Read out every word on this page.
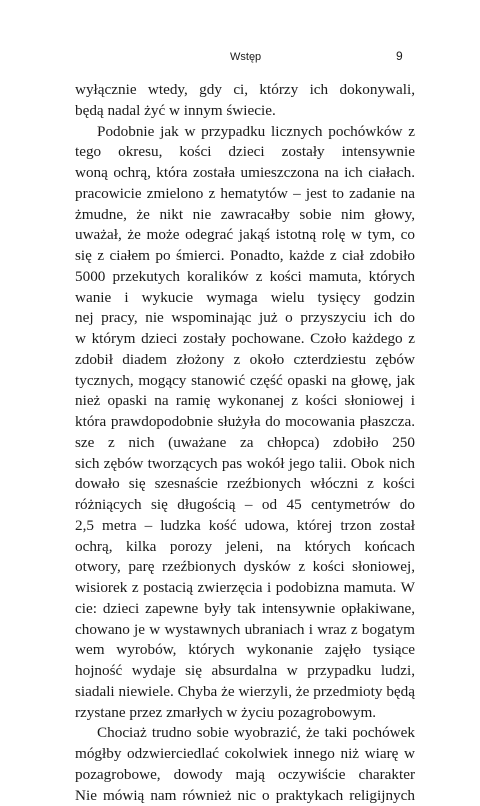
Wstęp	9
wyłącznie wtedy, gdy ci, którzy ich dokonywali,
będą nadal żyć w innym świecie.
Podobnie jak w przypadku licznych pochówków z
tego okresu, kości dzieci zostały intensywnie
woną ochrą, która została umieszczona na ich ciałach.
pracowicie zmielono z hematytów – jest to zadanie na
żmudne, że nikt nie zawracałby sobie nim głowy,
uważał, że może odegrać jakąś istotną rolę w tym, co
się z ciałem po śmierci. Ponadto, każde z ciał zdobiło
5000 przekutych koralików z kości mamuta, których
wanie i wykucie wymaga wielu tysięcy godzin
nej pracy, nie wspominając już o przyszyciu ich do
w którym dzieci zostały pochowane. Czoło każdego z
zdobił diadem złożony z około czterdziestu zębów
tycznych, mogący stanowić część opaski na głowę, jak
nież opaski na ramię wykonanej z kości słoniowej i
która prawdopodobnie służyła do mocowania płaszcza.
sze z nich (uważane za chłopca) zdobiło 250
sich zębów tworzących pas wokół jego talii. Obok nich
dowało się szesnaście rzeźbionych włóczni z kości
różniących się długością – od 45 centymetrów do
2,5 metra – ludzka kość udowa, której trzon został
ochrą, kilka porozy jeleni, na których końcach
otwory, parę rzeźbionych dysków z kości słoniowej,
wisiorek z postacią zwierzęcia i podobizna mamuta. W
cie: dzieci zapewne były tak intensywnie opłakiwane,
chowano je w wystawnych ubraniach i wraz z bogatym
wem wyrobów, których wykonanie zajęło tysiące
hojność wydaje się absurdalna w przypadku ludzi,
siadali niewiele. Chyba że wierzyli, że przedmioty będą
rzystane przez zmarłych w życiu pozagrobowym.
Chociaż trudno sobie wyobrazić, że taki pochówek
mógłby odzwierciedlać cokolwiek innego niż wiarę w
pozagrobowe, dowody mają oczywiście charakter
Nie mówią nam również nic o praktykach religijnych
